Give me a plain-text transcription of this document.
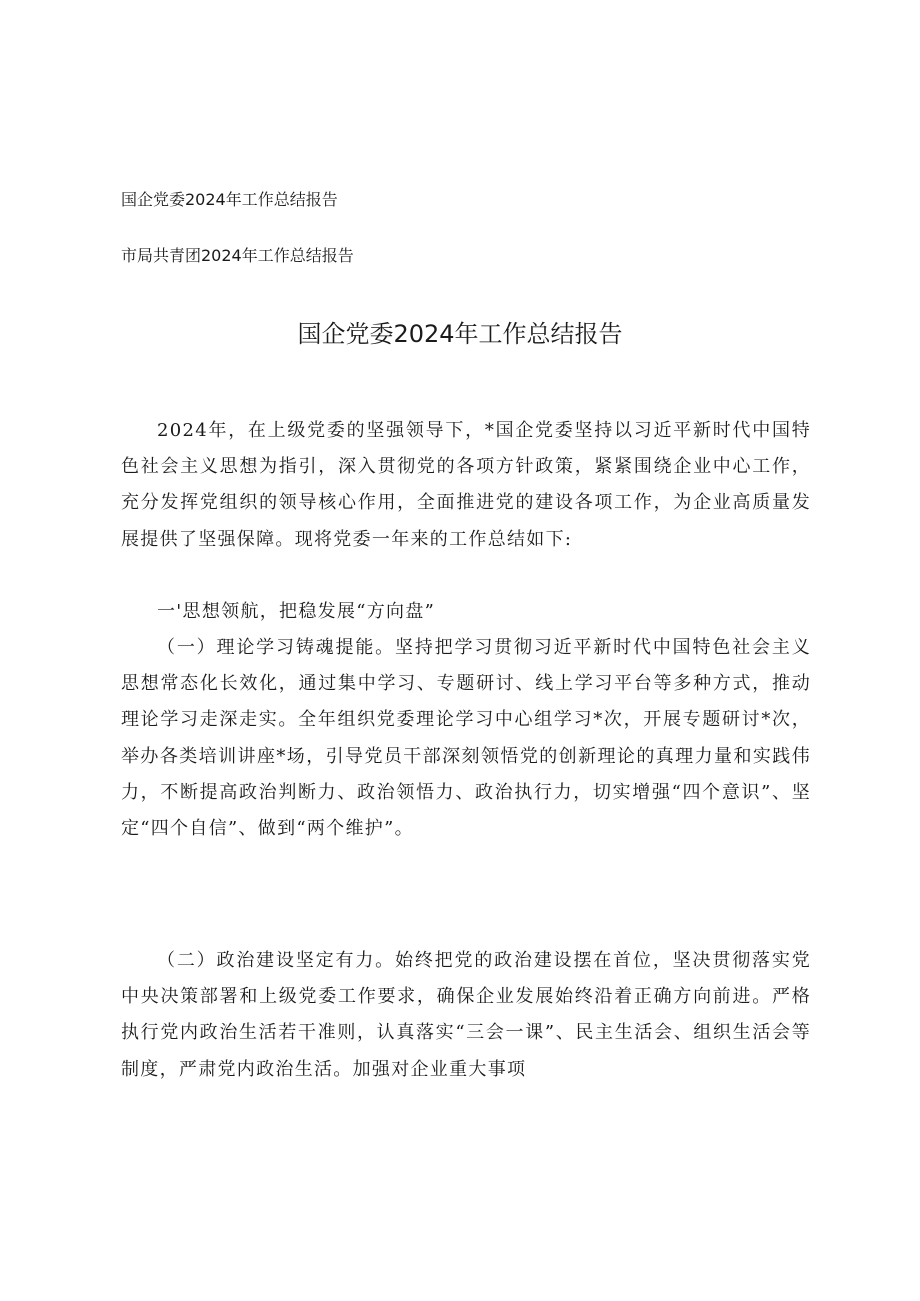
国企党委2024年工作总结报告
市局共青团2024年工作总结报告
国企党委2024年工作总结报告

2024年，在上级党委的坚强领导下，*国企党委坚持以习近平新时代中国特色社会主义思想为指引，深入贯彻党的各项方针政策，紧紧围绕企业中心工作，充分发挥党组织的领导核心作用，全面推进党的建设各项工作，为企业高质量发展提供了坚强保障。现将党委一年来的工作总结如下:

一'思想领航，把稳发展“方向盘”

（一）理论学习铸魂提能。坚持把学习贯彻习近平新时代中国特色社会主义思想常态化长效化，通过集中学习、专题研讨、线上学习平台等多种方式，推动理论学习走深走实。全年组织党委理论学习中心组学习*次，开展专题研讨*次，举办各类培训讲座*场，引导党员干部深刻领悟党的创新理论的真理力量和实践伟力，不断提高政治判断力、政治领悟力、政治执行力，切实增强“四个意识”、坚定“四个自信”、做到“两个维护”。

（二）政治建设坚定有力。始终把党的政治建设摆在首位，坚决贯彻落实党中央决策部署和上级党委工作要求，确保企业发展始终沿着正确方向前进。严格执行党内政治生活若干准则，认真落实“三会一课”、民主生活会、组织生活会等制度，严肃党内政治生活。加强对企业重大事项
